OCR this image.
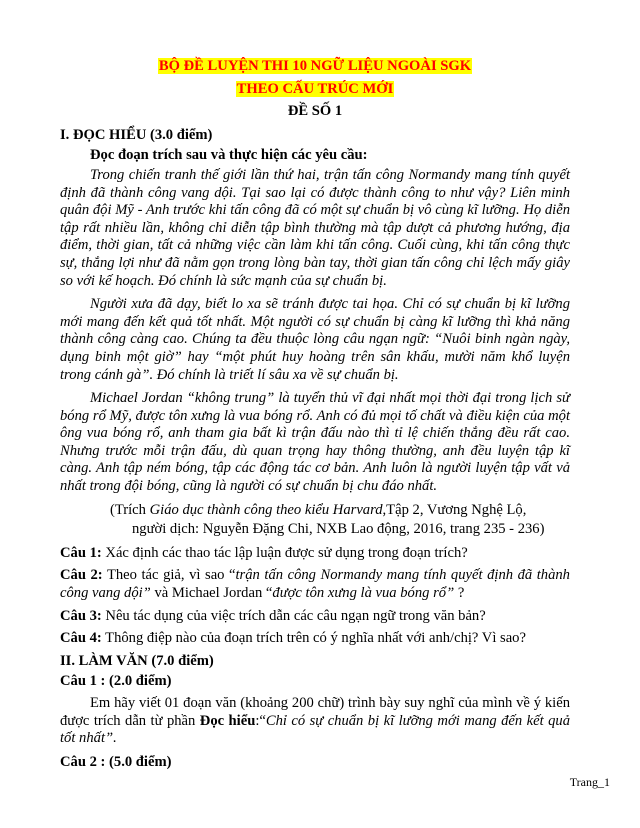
BỘ ĐỀ LUYỆN THI 10 NGỮ LIỆU NGOÀI SGK
THEO CẤU TRÚC MỚI
ĐỀ SỐ 1
I. ĐỌC HIỂU (3.0 điểm)
Đọc đoạn trích sau và thực hiện các yêu cầu:

Trong chiến tranh thế giới lần thứ hai, trận tấn công Normandy mang tính quyết định đã thành công vang dội. Tại sao lại có được thành công to như vậy? Liên minh quân đội Mỹ - Anh trước khi tấn công đã có một sự chuẩn bị vô cùng kĩ lưỡng. Họ diễn tập rất nhiều lần, không chỉ diễn tập bình thường mà tập dượt cả phương hướng, địa điểm, thời gian, tất cả những việc cần làm khi tấn công. Cuối cùng, khi tấn công thực sự, thắng lợi như đã nằm gọn trong lòng bàn tay, thời gian tấn công chỉ lệch mấy giây so với kế hoạch. Đó chính là sức mạnh của sự chuẩn bị.

Người xưa đã dạy, biết lo xa sẽ tránh được tai họa. Chỉ có sự chuẩn bị kĩ lưỡng mới mang đến kết quả tốt nhất. Một người có sự chuẩn bị càng kĩ lưỡng thì khả năng thành công càng cao. Chúng ta đều thuộc lòng câu ngạn ngữ: “Nuôi binh ngàn ngày, dụng binh một giờ” hay “một phút huy hoàng trên sân khấu, mười năm khổ luyện trong cánh gà”. Đó chính là triết lí sâu xa về sự chuẩn bị.

Michael Jordan “không trung” là tuyển thủ vĩ đại nhất mọi thời đại trong lịch sử bóng rổ Mỹ, được tôn xưng là vua bóng rổ. Anh có đủ mọi tố chất và điều kiện của một ông vua bóng rổ, anh tham gia bất kì trận đấu nào thì tỉ lệ chiến thắng đều rất cao. Nhưng trước mỗi trận đấu, dù quan trọng hay thông thường, anh đều luyện tập kĩ càng. Anh tập ném bóng, tập các động tác cơ bản. Anh luôn là người luyện tập vất vả nhất trong đội bóng, cũng là người có sự chuẩn bị chu đáo nhất.

(Trích Giáo dục thành công theo kiểu Harvard,Tập 2, Vương Nghệ Lộ,
người dịch: Nguyễn Đặng Chi, NXB Lao động, 2016, trang 235 - 236)

Câu 1: Xác định các thao tác lập luận được sử dụng trong đoạn trích?

Câu 2: Theo tác giả, vì sao “trận tấn công Normandy mang tính quyết định đã thành công vang dội” và Michael Jordan “được tôn xưng là vua bóng rổ” ?

Câu 3: Nêu tác dụng của việc trích dẫn các câu ngạn ngữ trong văn bản?

Câu 4: Thông điệp nào của đoạn trích trên có ý nghĩa nhất với anh/chị? Vì sao?

II. LÀM VĂN (7.0 điểm)
Câu 1 : (2.0 điểm)

Em hãy viết 01 đoạn văn (khoảng 200 chữ) trình bày suy nghĩ của mình về ý kiến được trích dẫn từ phần Đọc hiểu:“Chỉ có sự chuẩn bị kĩ lưỡng mới mang đến kết quả tốt nhất”.

Câu 2 : (5.0 điểm)
Trang_1
